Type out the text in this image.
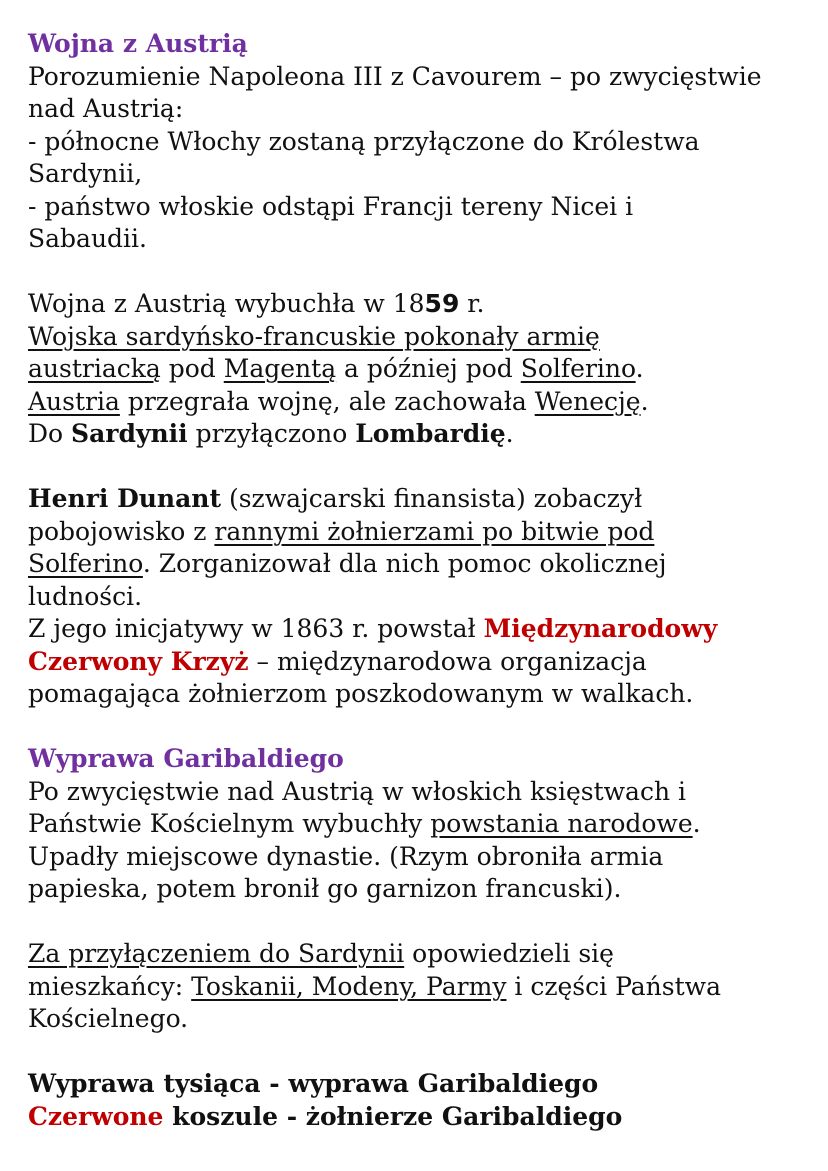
Wojna z Austrią
Porozumienie Napoleona III z Cavourem – po zwycięstwie
nad Austrią:
- północne Włochy zostaną przyłączone do Królestwa
Sardynii,
- państwo włoskie odstąpi Francji tereny Nicei i
Sabaudii.
Wojna z Austrią wybuchła w 1859 r.
Wojska sardyńsko-francuskie pokonały armię
austriacką pod Magentą a później pod Solferino.
Austria przegrała wojnę, ale zachowała Wenecję.
Do Sardynii przyłączono Lombardię.
Henri Dunant (szwajcarski finansista) zobaczył
pobojowisko z rannymi żołnierzami po bitwie pod
Solferino. Zorganizował dla nich pomoc okolicznej
ludności.
Z jego inicjatywy w 1863 r. powstał Międzynarodowy
Czerwony Krzyż – międzynarodowa organizacja
pomagająca żołnierzom poszkodowanym w walkach.
Wyprawa Garibaldiego
Po zwycięstwie nad Austrią w włoskich księstwach i
Państwie Kościelnym wybuchły powstania narodowe.
Upadły miejscowe dynastie. (Rzym obroniła armia
papieska, potem bronił go garnizon francuski).
Za przyłączeniem do Sardynii opowiedzieli się
mieszkańcy: Toskanii, Modeny, Parmy i części Państwa
Kościelnego.
Wyprawa tysiąca - wyprawa Garibaldiego
Czerwone koszule - żołnierze Garibaldiego
